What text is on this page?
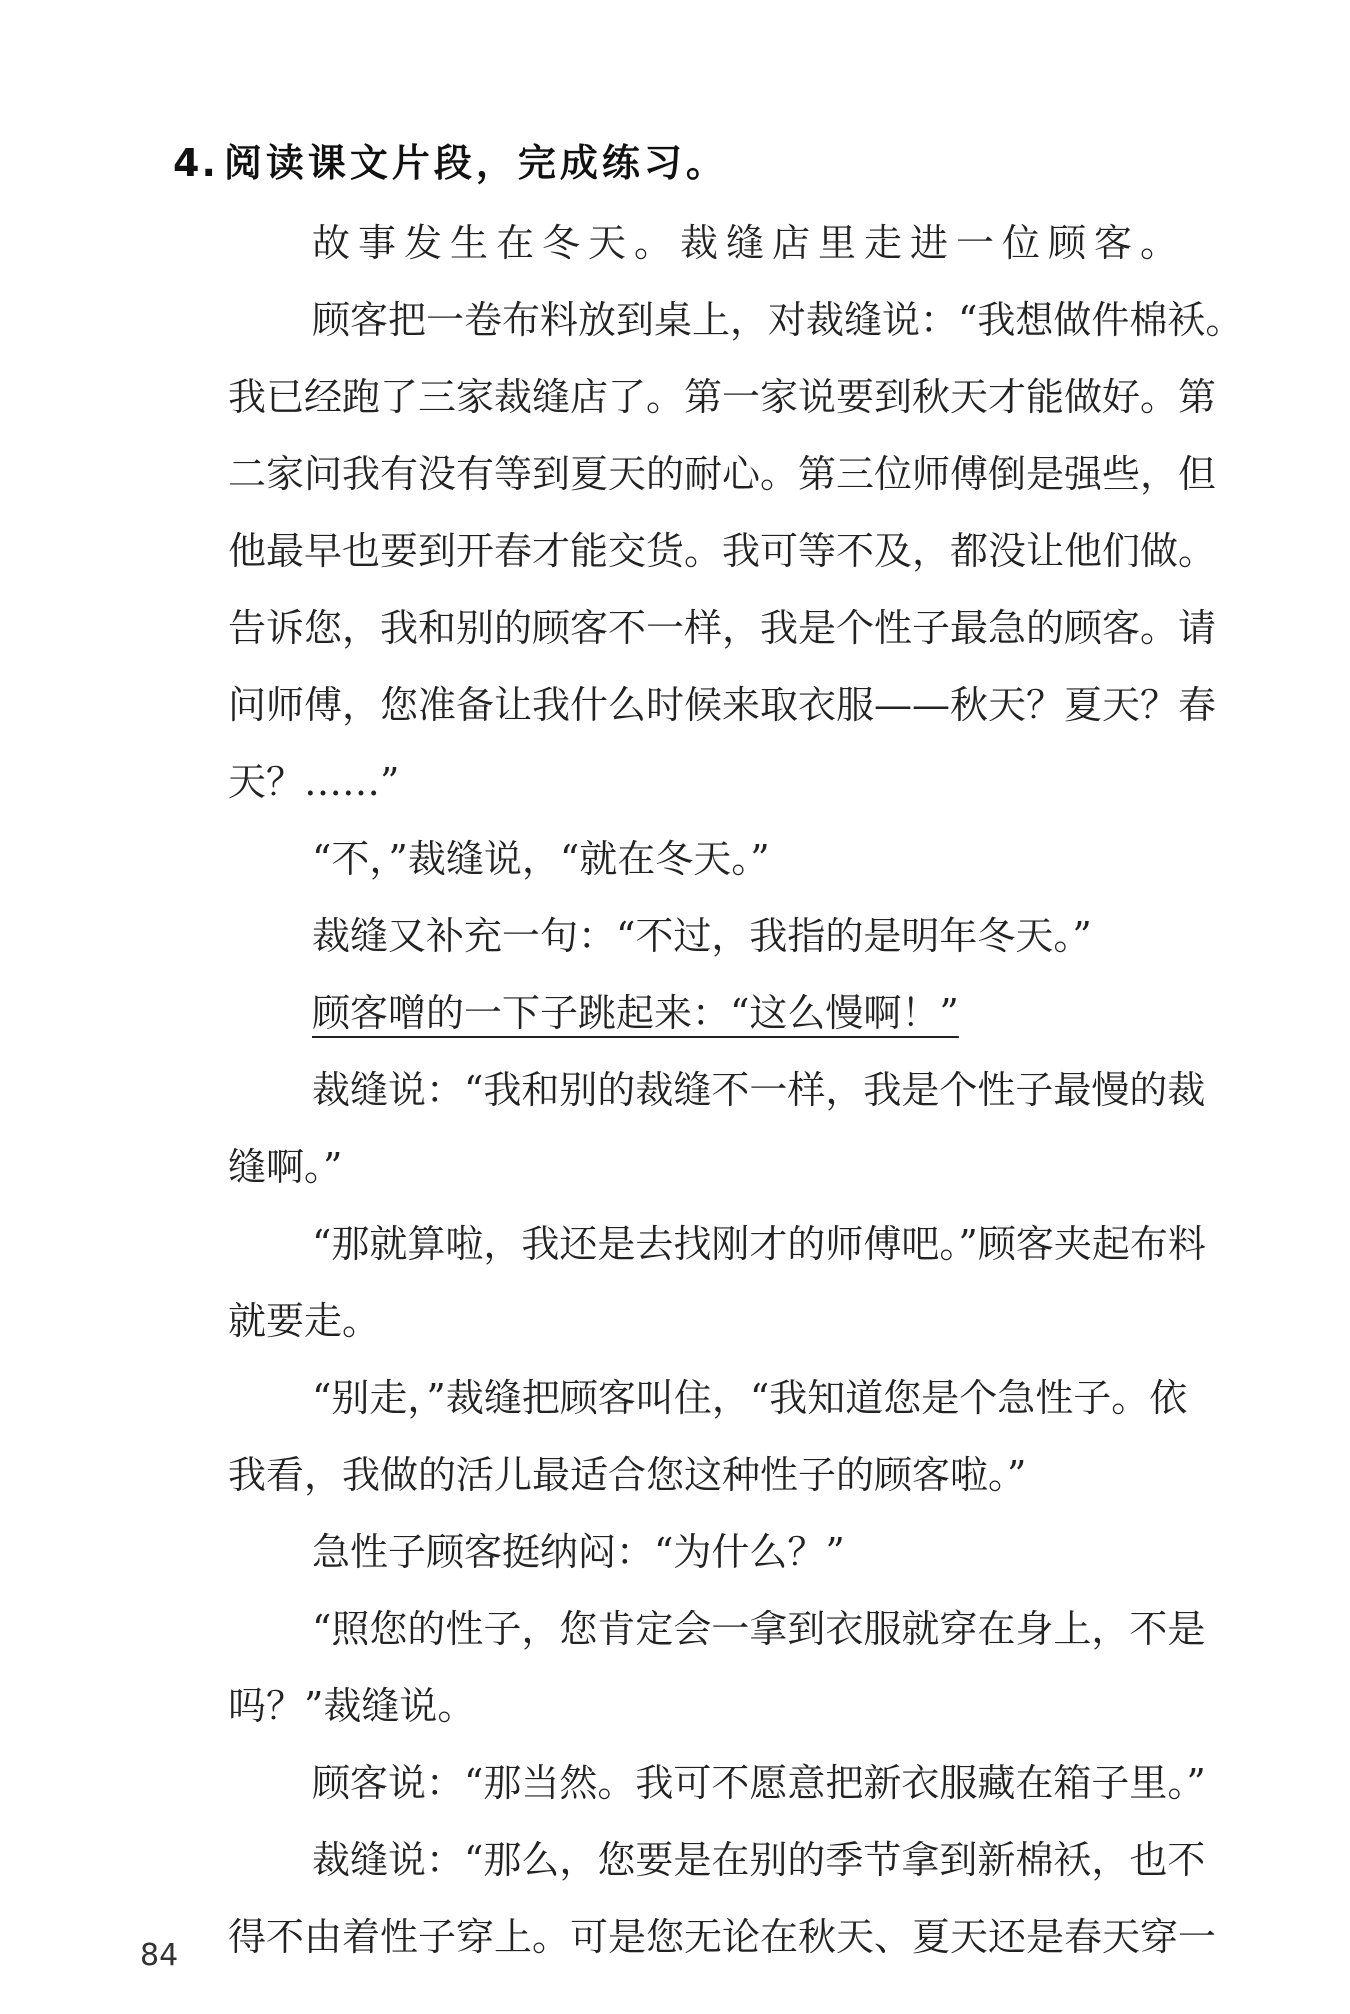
4. 阅读课文片段，完成练习。
故事发生在冬天。裁缝店里走进一位顾客。
顾客把一卷布料放到桌上，对裁缝说：“我想做件棉袄。
我已经跑了三家裁缝店了。第一家说要到秋天才能做好。第
二家问我有没有等到夏天的耐心。第三位师傅倒是强些，但
他最早也要到开春才能交货。我可等不及，都没让他们做。
告诉您，我和别的顾客不一样，我是个性子最急的顾客。请
问师傅，您准备让我什么时候来取衣服——秋天？夏天？春
天？……”
“不，”裁缝说，“就在冬天。”
裁缝又补充一句：“不过，我指的是明年冬天。”
顾客噌的一下子跳起来：“这么慢啊！”
裁缝说：“我和别的裁缝不一样，我是个性子最慢的裁
缝啊。”
“那就算啦，我还是去找刚才的师傅吧。”顾客夹起布料
就要走。
“别走，”裁缝把顾客叫住，“我知道您是个急性子。依
我看，我做的活儿最适合您这种性子的顾客啦。”
急性子顾客挺纳闷：“为什么？”
“照您的性子，您肯定会一拿到衣服就穿在身上，不是
吗？”裁缝说。
顾客说：“那当然。我可不愿意把新衣服藏在箱子里。”
裁缝说：“那么，您要是在别的季节拿到新棉袄，也不
得不由着性子穿上。可是您无论在秋天、夏天还是春天穿一
84
